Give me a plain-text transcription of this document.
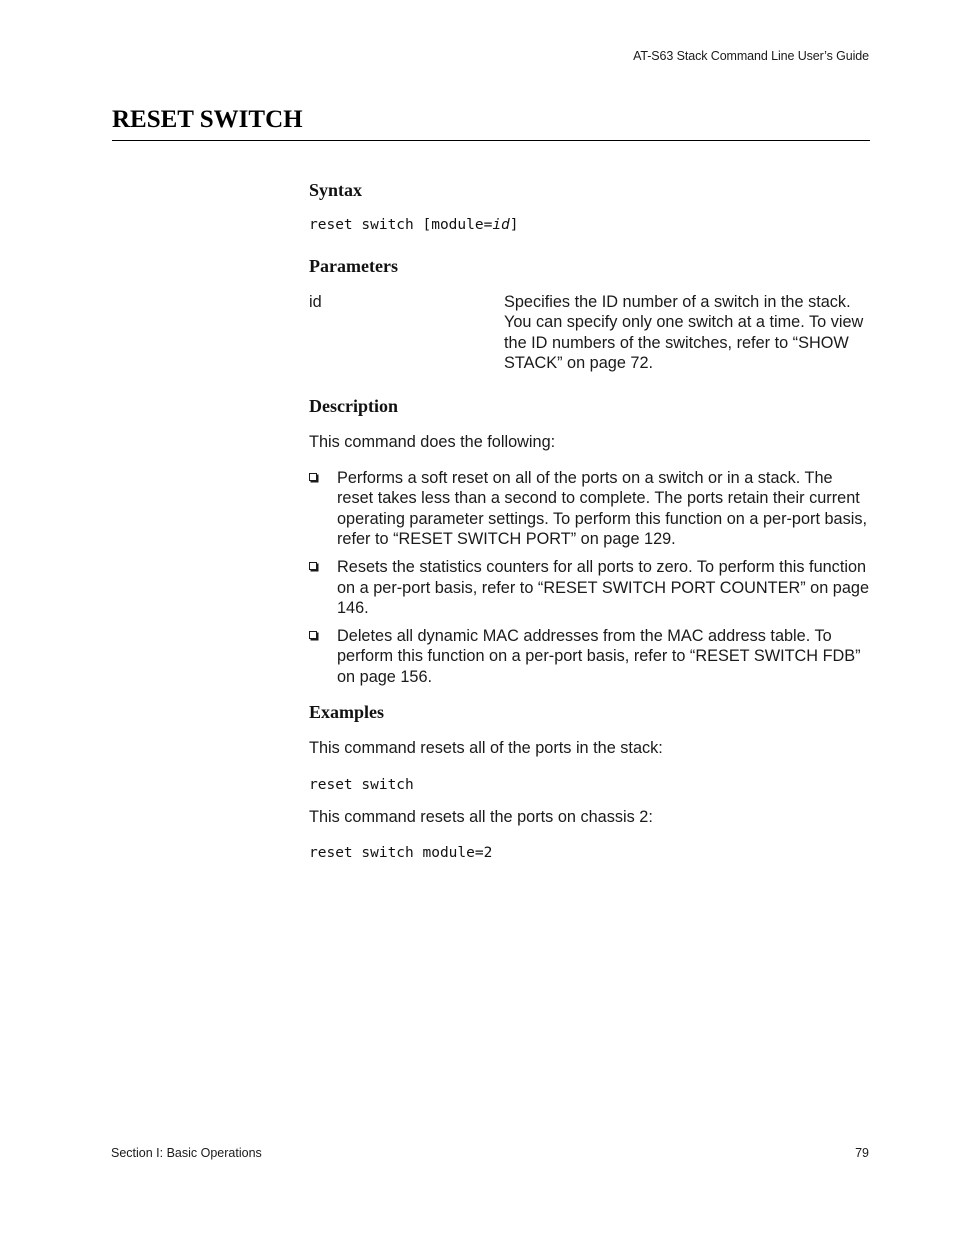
AT-S63 Stack Command Line User’s Guide
RESET SWITCH
Syntax

reset switch [module=id]

Parameters
id	Specifies the ID number of a switch in the stack. You can specify only one switch at a time. To view the ID numbers of the switches, refer to “SHOW STACK” on page 72.
Description

This command does the following:

Performs a soft reset on all of the ports on a switch or in a stack. The reset takes less than a second to complete. The ports retain their current operating parameter settings. To perform this function on a per-port basis, refer to “RESET SWITCH PORT” on page 129.
Resets the statistics counters for all ports to zero. To perform this function on a per-port basis, refer to “RESET SWITCH PORT COUNTER” on page 146.
Deletes all dynamic MAC addresses from the MAC address table. To perform this function on a per-port basis, refer to “RESET SWITCH FDB” on page 156.
Examples

This command resets all of the ports in the stack:

reset switch

This command resets all the ports on chassis 2:

reset switch module=2

Section I: Basic Operations	79
